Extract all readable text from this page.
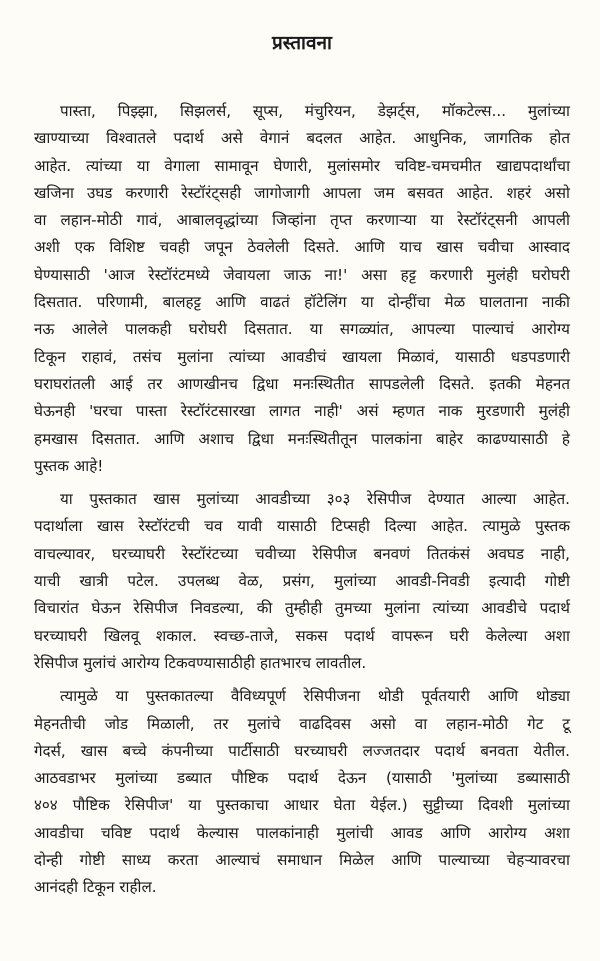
प्रस्तावना

पास्ता, पिझ्झा, सिझलर्स, सूप्स, मंचुरियन, डेझर्ट्स, मॉकटेल्स... मुलांच्या
खाण्याच्या विश्वातले पदार्थ असे वेगानं बदलत आहेत. आधुनिक, जागतिक होत
आहेत. त्यांच्या या वेगाला सामावून घेणारी, मुलांसमोर चविष्ट-चमचमीत खाद्यपदार्थांचा
खजिना उघड करणारी रेस्टॉरंट्सही जागोजागी आपला जम बसवत आहेत. शहरं असो
वा लहान-मोठी गावं, आबालवृद्धांच्या जिव्हांना तृप्त करणाऱ्या या रेस्टॉरंट्सनी आपली
अशी एक विशिष्ट चवही जपून ठेवलेली दिसते. आणि याच खास चवीचा आस्वाद
घेण्यासाठी 'आज रेस्टॉरंटमध्ये जेवायला जाऊ ना!' असा हट्ट करणारी मुलंही घरोघरी
दिसतात. परिणामी, बालहट्ट आणि वाढतं हॉटेलिंग या दोन्हींचा मेळ घालताना नाकी
नऊ आलेले पालकही घरोघरी दिसतात. या सगळ्यांत, आपल्या पाल्याचं आरोग्य
टिकून राहावं, तसंच मुलांना त्यांच्या आवडीचं खायला मिळावं, यासाठी धडपडणारी
घराघरांतली आई तर आणखीनच द्विधा मनःस्थितीत सापडलेली दिसते. इतकी मेहनत
घेऊनही 'घरचा पास्ता रेस्टॉरंटसारखा लागत नाही' असं म्हणत नाक मुरडणारी मुलंही
हमखास दिसतात. आणि अशाच द्विधा मनःस्थितीतून पालकांना बाहेर काढण्यासाठी हे
पुस्तक आहे!

या पुस्तकात खास मुलांच्या आवडीच्या ३०३ रेसिपीज देण्यात आल्या आहेत.
पदार्थाला खास रेस्टॉरंटची चव यावी यासाठी टिप्सही दिल्या आहेत. त्यामुळे पुस्तक
वाचल्यावर, घरच्याघरी रेस्टॉरंटच्या चवीच्या रेसिपीज बनवणं तितकंसं अवघड नाही,
याची खात्री पटेल. उपलब्ध वेळ, प्रसंग, मुलांच्या आवडी-निवडी इत्यादी गोष्टी
विचारांत घेऊन रेसिपीज निवडल्या, की तुम्हीही तुमच्या मुलांना त्यांच्या आवडीचे पदार्थ
घरच्याघरी खिलवू शकाल. स्वच्छ-ताजे, सकस पदार्थ वापरून घरी केलेल्या अशा
रेसिपीज मुलांचं आरोग्य टिकवण्यासाठीही हातभारच लावतील.

त्यामुळे या पुस्तकातल्या वैविध्यपूर्ण रेसिपीजना थोडी पूर्वतयारी आणि थोड्या
मेहनतीची जोड मिळाली, तर मुलांचे वाढदिवस असो वा लहान-मोठी गेट टू
गेदर्स, खास बच्चे कंपनीच्या पार्टीसाठी घरच्याघरी लज्जतदार पदार्थ बनवता येतील.
आठवडाभर मुलांच्या डब्यात पौष्टिक पदार्थ देऊन (यासाठी 'मुलांच्या डब्यासाठी
४०४ पौष्टिक रेसिपीज' या पुस्तकाचा आधार घेता येईल.) सुट्टीच्या दिवशी मुलांच्या
आवडीचा चविष्ट पदार्थ केल्यास पालकांनाही मुलांची आवड आणि आरोग्य अशा
दोन्ही गोष्टी साध्य करता आल्याचं समाधान मिळेल आणि पाल्याच्या चेहऱ्यावरचा
आनंदही टिकून राहील.
